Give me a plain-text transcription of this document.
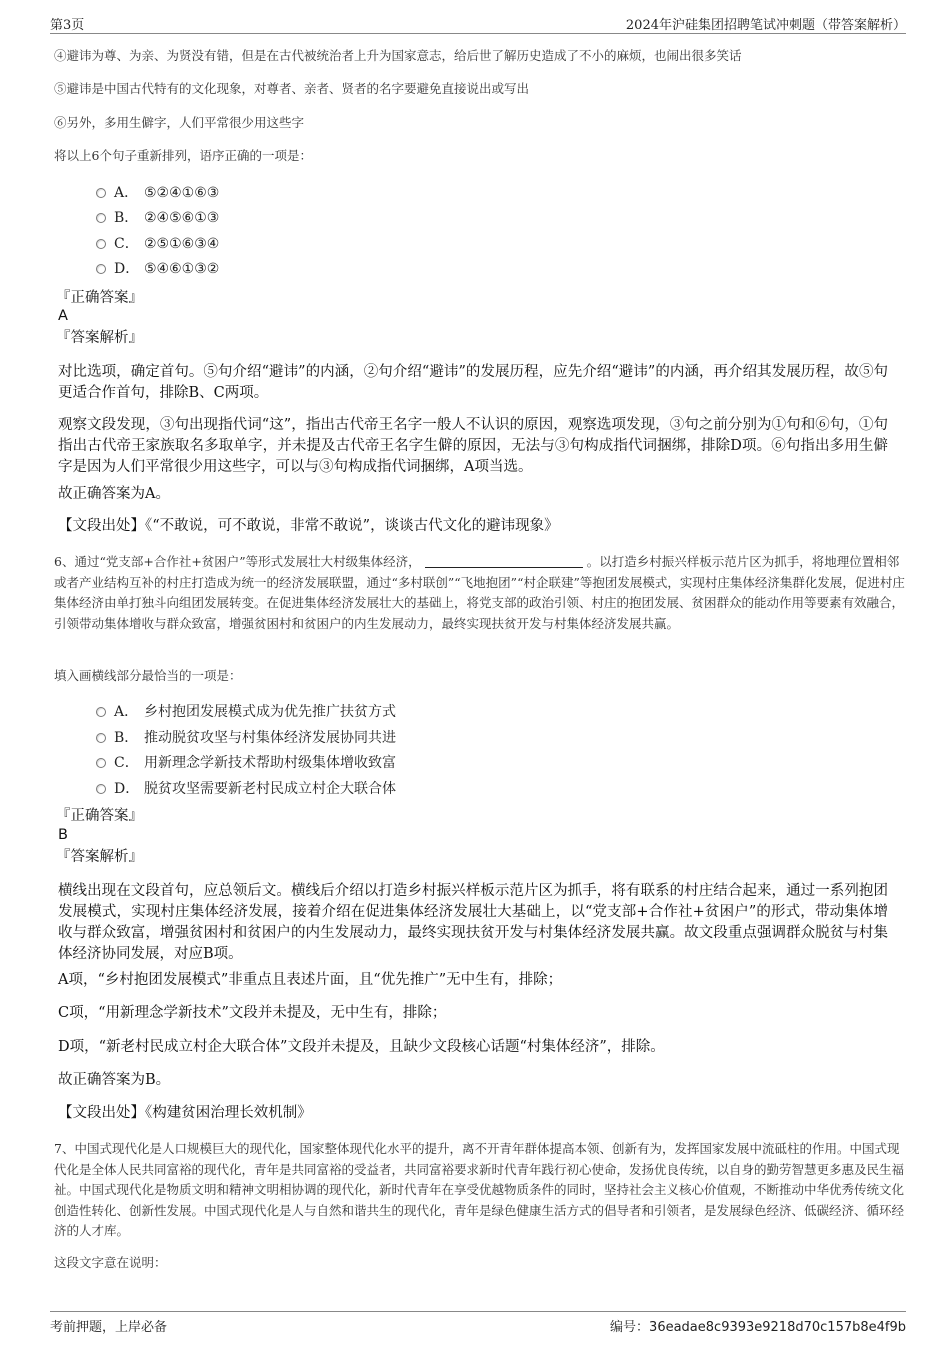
第3页	2024年沪硅集团招聘笔试冲刺题（带答案解析）
④避讳为尊、为亲、为贤没有错，但是在古代被统治者上升为国家意志，给后世了解历史造成了不小的麻烦，也闹出很多笑话
⑤避讳是中国古代特有的文化现象，对尊者、亲者、贤者的名字要避免直接说出或写出
⑥另外，多用生僻字，人们平常很少用这些字
将以上6个句子重新排列，语序正确的一项是：
A． ⑤②④①⑥③
B． ②④⑤⑥①③
C． ②⑤①⑥③④
D． ⑤④⑥①③②
『正确答案』
A
『答案解析』
对比选项，确定首句。⑤句介绍“避讳”的内涵，②句介绍“避讳”的发展历程，应先介绍“避讳”的内涵，再介绍其发展历程，故⑤句更适合作首句，排除B、C两项。
观察文段发现，③句出现指代词“这”，指出古代帝王名字一般人不认识的原因，观察选项发现，③句之前分别为①句和⑥句，①句指出古代帝王家族取名多取单字，并未提及古代帝王名字生僻的原因，无法与③句构成指代词捆绑，排除D项。⑥句指出多用生僻字是因为人们平常很少用这些字，可以与③句构成指代词捆绑，A项当选。
故正确答案为A。
【文段出处】《“不敢说，可不敢说，非常不敢说”，谈谈古代文化的避讳现象》
6、通过“党支部+合作社+贫困户”等形式发展壮大村级集体经济，	。以打造乡村振兴样板示范片区为抓手，将地理位置相邻或者产业结构互补的村庄打造成为统一的经济发展联盟，通过“多村联创”“飞地抱团”“村企联建”等抱团发展模式，实现村庄集体经济集群化发展，促进村庄集体经济由单打独斗向组团发展转变。在促进集体经济发展壮大的基础上，将党支部的政治引领、村庄的抱团发展、贫困群众的能动作用等要素有效融合，引领带动集体增收与群众致富，增强贫困村和贫困户的内生发展动力，最终实现扶贫开发与村集体经济发展共赢。
填入画横线部分最恰当的一项是：
A． 乡村抱团发展模式成为优先推广扶贫方式
B． 推动脱贫攻坚与村集体经济发展协同共进
C． 用新理念学新技术帮助村级集体增收致富
D． 脱贫攻坚需要新老村民成立村企大联合体
『正确答案』
B
『答案解析』
横线出现在文段首句，应总领后文。横线后介绍以打造乡村振兴样板示范片区为抓手，将有联系的村庄结合起来，通过一系列抱团发展模式，实现村庄集体经济发展，接着介绍在促进集体经济发展壮大基础上，以“党支部+合作社+贫困户”的形式，带动集体增收与群众致富，增强贫困村和贫困户的内生发展动力，最终实现扶贫开发与村集体经济发展共赢。故文段重点强调群众脱贫与村集体经济协同发展，对应B项。
A项，“乡村抱团发展模式”非重点且表述片面，且“优先推广”无中生有，排除；
C项，“用新理念学新技术”文段并未提及，无中生有，排除；
D项，“新老村民成立村企大联合体”文段并未提及，且缺少文段核心话题“村集体经济”，排除。
故正确答案为B。
【文段出处】《构建贫困治理长效机制》
7、中国式现代化是人口规模巨大的现代化，国家整体现代化水平的提升，离不开青年群体提高本领、创新有为，发挥国家发展中流砥柱的作用。中国式现代化是全体人民共同富裕的现代化，青年是共同富裕的受益者，共同富裕要求新时代青年践行初心使命，发扬优良传统，以自身的勤劳智慧更多惠及民生福祉。中国式现代化是物质文明和精神文明相协调的现代化，新时代青年在享受优越物质条件的同时，坚持社会主义核心价值观，不断推动中华优秀传统文化创造性转化、创新性发展。中国式现代化是人与自然和谐共生的现代化，青年是绿色健康生活方式的倡导者和引领者，是发展绿色经济、低碳经济、循环经济的人才库。
这段文字意在说明：
考前押题，上岸必备	编号：36eadae8c9393e9218d70c157b8e4f9b
